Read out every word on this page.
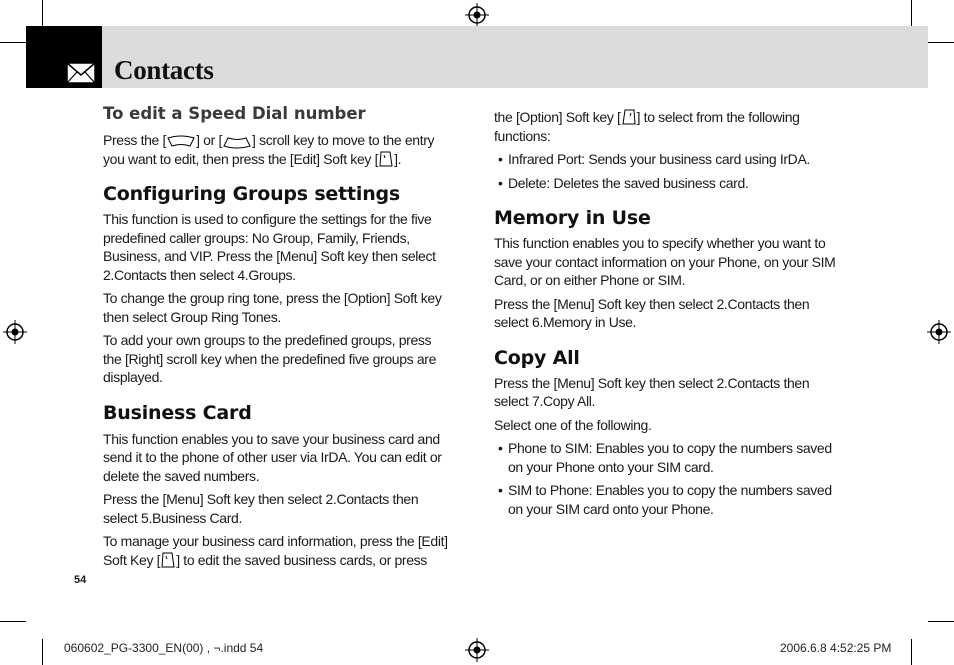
Contacts
To edit a Speed Dial number

Press the [ ] or [ ] scroll key to move to the entry
you want to edit, then press the [Edit] Soft key [ ].

Configuring Groups settings

This function is used to configure the settings for the five
predefined caller groups: No Group, Family, Friends,
Business, and VIP. Press the [Menu] Soft key then select
2.Contacts then select 4.Groups.

To change the group ring tone, press the [Option] Soft key
then select Group Ring Tones.

To add your own groups to the predefined groups, press
the [Right] scroll key when the predefined five groups are
displayed.

Business Card

This function enables you to save your business card and
send it to the phone of other user via IrDA. You can edit or
delete the saved numbers.

Press the [Menu] Soft key then select 2.Contacts then
select 5.Business Card.

To manage your business card information, press the [Edit]
Soft Key [ ] to edit the saved business cards, or press

the [Option] Soft key [ ] to select from the following
functions:

• Infrared Port: Sends your business card using IrDA.

• Delete: Deletes the saved business card.

Memory in Use

This function enables you to specify whether you want to
save your contact information on your Phone, on your SIM
Card, or on either Phone or SIM.

Press the [Menu] Soft key then select 2.Contacts then
select 6.Memory in Use.

Copy All

Press the [Menu] Soft key then select 2.Contacts then
select 7.Copy All.

Select one of the following.

• Phone to SIM: Enables you to copy the numbers saved
on your Phone onto your SIM card.

• SIM to Phone: Enables you to copy the numbers saved
on your SIM card onto your Phone.

54
060602_PG-3300_EN(00) , ¬.indd 54	2006.6.8 4:52:25 PM
